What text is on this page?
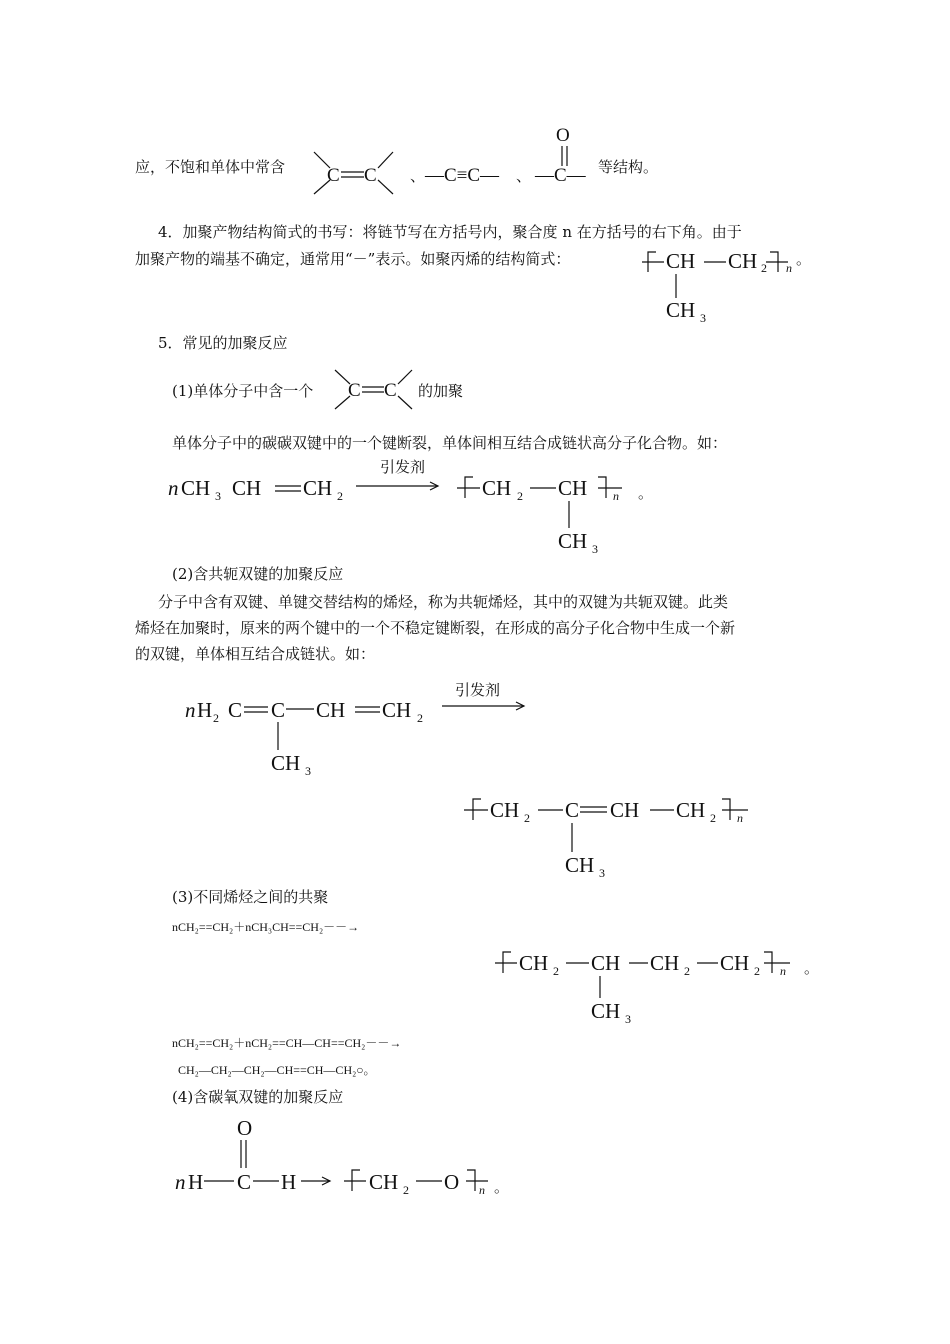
应，不饱和单体中常含 C C 、 —C≡C— 、
O
—C— 等结构。
4．加聚产物结构简式的书写：将链节写在方括号内，聚合度 n 在方括号的右下角。由于
加聚产物的端基不确定，通常用“－”表示。如聚丙烯的结构简式：	CH CH 2 n 。
CH 3
5．常见的加聚反应
(1)单体分子中含一个 C C 的加聚
单体分子中的碳碳双键中的一个键断裂，单体间相互结合成链状高分子化合物。如：
n CH 3 CH CH 2
引发剂
CH 2 CH n 。
CH 3
(2)含共轭双键的加聚反应
分子中含有双键、单键交替结构的烯烃，称为共轭烯烃，其中的双键为共轭双键。此类
烯烃在加聚时，原来的两个键中的一个不稳定键断裂，在形成的高分子化合物中生成一个新
的双键，单体相互结合成链状。如：
n H 2 C C CH CH 2
引发剂
CH 3
CH 2 C CH CH 2 n
CH 3
(3)不同烯烃之间的共聚
nCH₂==CH₂＋nCH₃CH==CH₂－－→
CH 2 CH CH 2 CH 2 n 。
CH 3
nCH₂==CH₂＋nCH₂==CH—CH==CH₂－－→
CH₂—CH₂—CH₂—CH==CH—CH₂○。
(4)含碳氧双键的加聚反应
O
n H C H	CH 2 O n 。
